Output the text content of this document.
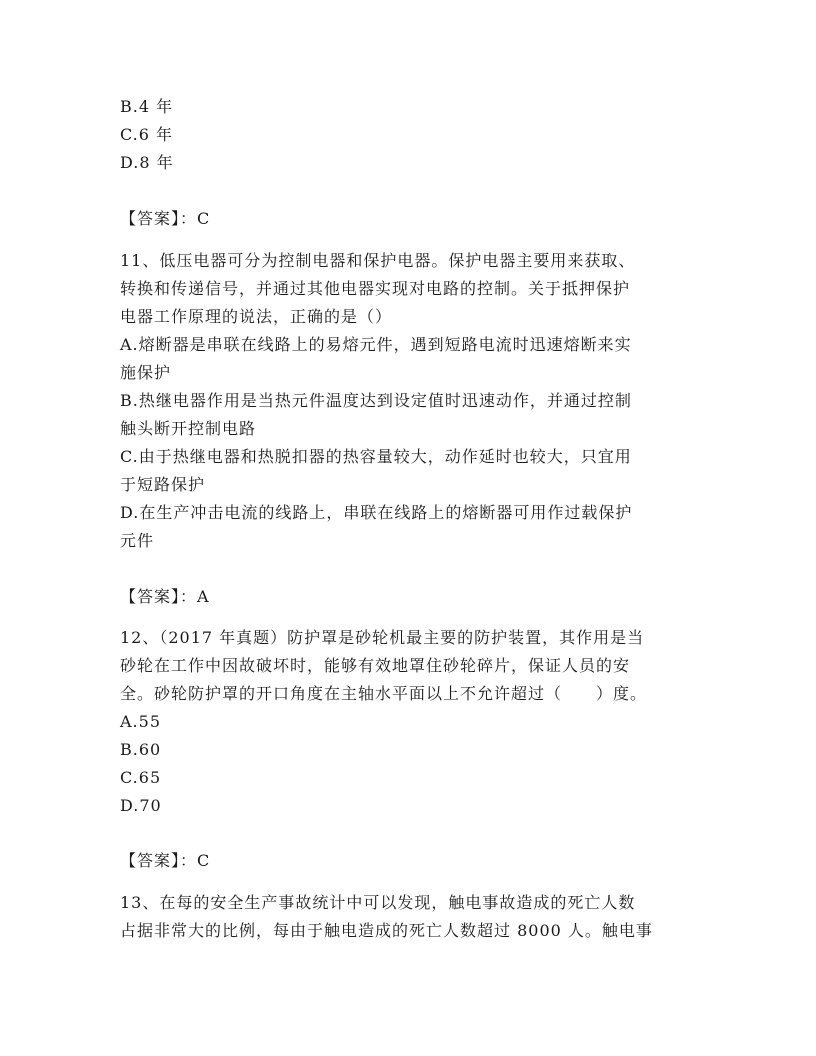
B.4 年
C.6 年
D.8 年
【答案】：C
11、低压电器可分为控制电器和保护电器。保护电器主要用来获取、
转换和传递信号，并通过其他电器实现对电路的控制。关于抵押保护
电器工作原理的说法，正确的是（）
A.熔断器是串联在线路上的易熔元件，遇到短路电流时迅速熔断来实
施保护
B.热继电器作用是当热元件温度达到设定值时迅速动作，并通过控制
触头断开控制电路
C.由于热继电器和热脱扣器的热容量较大，动作延时也较大，只宜用
于短路保护
D.在生产冲击电流的线路上，串联在线路上的熔断器可用作过载保护
元件
【答案】：A
12、（2017 年真题）防护罩是砂轮机最主要的防护装置，其作用是当
砂轮在工作中因故破坏时，能够有效地罩住砂轮碎片，保证人员的安
全。砂轮防护罩的开口角度在主轴水平面以上不允许超过（　　）度。
A.55
B.60
C.65
D.70
【答案】：C
13、在每的安全生产事故统计中可以发现，触电事故造成的死亡人数
占据非常大的比例，每由于触电造成的死亡人数超过 8000 人。触电事
